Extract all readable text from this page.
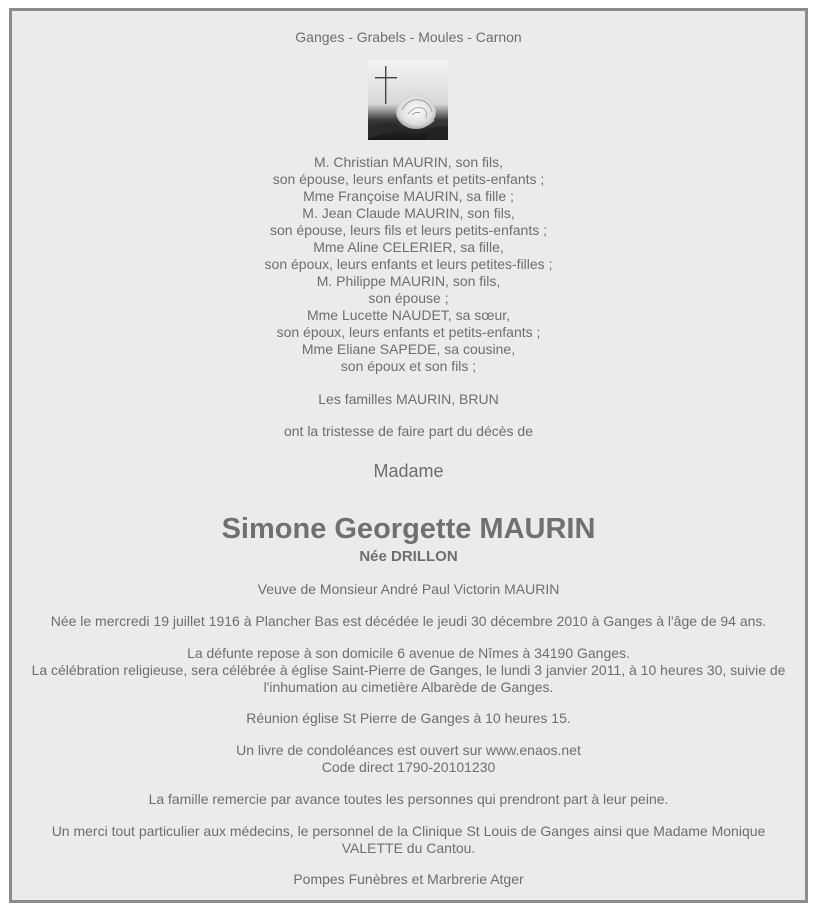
Ganges - Grabels - Moules - Carnon
M. Christian MAURIN, son fils,
son épouse, leurs enfants et petits-enfants ;
Mme Françoise MAURIN, sa fille ;
M. Jean Claude MAURIN, son fils,
son épouse, leurs fils et leurs petits-enfants ;
Mme Aline CELERIER, sa fille,
son époux, leurs enfants et leurs petites-filles ;
M. Philippe MAURIN, son fils,
son épouse ;
Mme Lucette NAUDET, sa sœur,
son époux, leurs enfants et petits-enfants ;
Mme Eliane SAPEDE, sa cousine,
son époux et son fils ;
Les familles MAURIN, BRUN
ont la tristesse de faire part du décès de
Madame
Simone Georgette MAURIN
Née DRILLON
Veuve de Monsieur André Paul Victorin MAURIN
Née le mercredi 19 juillet 1916 à Plancher Bas est décédée le jeudi 30 décembre 2010 à Ganges à l'âge de 94 ans.
La défunte repose à son domicile 6 avenue de Nîmes à 34190 Ganges.
La célébration religieuse, sera célébrée à église Saint-Pierre de Ganges, le lundi 3 janvier 2011, à 10 heures 30, suivie de l'inhumation au cimetière Albarède de Ganges.
Réunion église St Pierre de Ganges à 10 heures 15.
Un livre de condoléances est ouvert sur www.enaos.net
Code direct 1790-20101230
La famille remercie par avance toutes les personnes qui prendront part à leur peine.
Un merci tout particulier aux médecins, le personnel de la Clinique St Louis de Ganges ainsi que Madame Monique VALETTE du Cantou.
Pompes Funèbres et Marbrerie Atger
